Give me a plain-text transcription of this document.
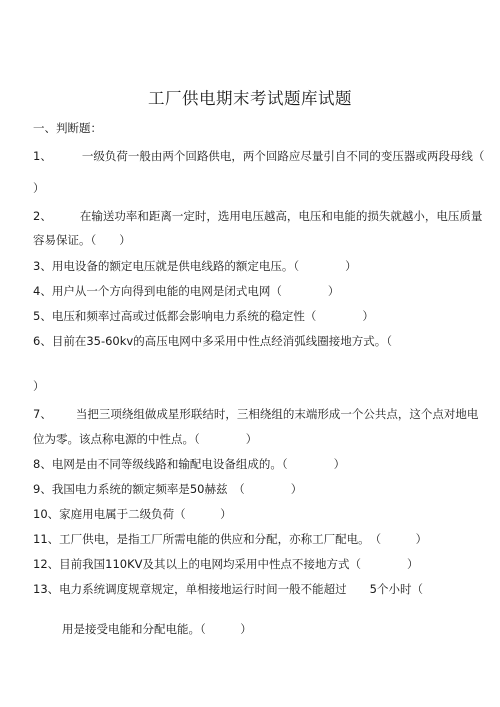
工厂供电期末考试题库试题
一、判断题：
1、	一级负荷一般由两个回路供电，两个回路应尽量引自不同的变压器或两段母线（
）
2、 在输送功率和距离一定时，选用电压越高，电压和电能的损失就越小，电压质量
容易保证。（　　）
3、用电设备的额定电压就是供电线路的额定电压。（　　　　）
4、用户从一个方向得到电能的电网是闭式电网（　　　　）
5、电压和频率过高或过低都会影响电力系统的稳定性（　　　　）
6、目前在35-60kv的高压电网中多采用中性点经消弧线圈接地方式。（
）
7、 当把三项绕组做成星形联结时，三相绕组的末端形成一个公共点，这个点对地电
位为零。该点称电源的中性点。（　　　　）
8、电网是由不同等级线路和输配电设备组成的。（　　　　）
9、我国电力系统的额定频率是50赫兹　（　　　　）
10、家庭用电属于二级负荷（　　　）
11、工厂供电，是指工厂所需电能的供应和分配，亦称工厂配电。　（　　　）
12、目前我国110KV及其以上的电网均采用中性点不接地方式（　　　　）
13、电力系统调度规章规定，单相接地运行时间一般不能超过　　5个小时（
用是接受电能和分配电能。（　　　）
